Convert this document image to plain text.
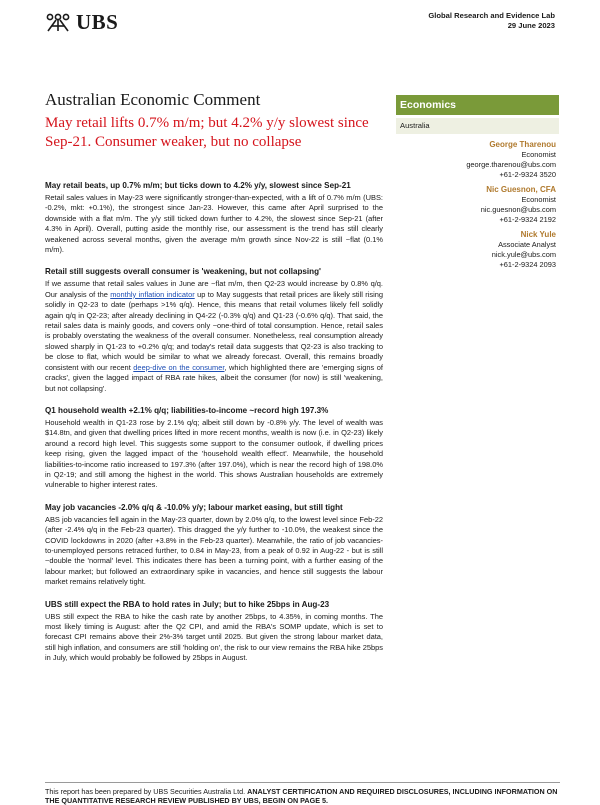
UBS	Global Research and Evidence Lab
29 June 2023
Australian Economic Comment
May retail lifts 0.7% m/m; but 4.2% y/y slowest since Sep-21. Consumer weaker, but no collapse
Economics
Australia
George Tharenou
Economist
george.tharenou@ubs.com
+61-2-9324 3520
Nic Guesnon, CFA
Economist
nic.guesnon@ubs.com
+61-2-9324 2192
Nick Yule
Associate Analyst
nick.yule@ubs.com
+61-2-9324 2093
May retail beats, up 0.7% m/m; but ticks down to 4.2% y/y, slowest since Sep-21

Retail sales values in May-23 were significantly stronger-than-expected, with a lift of 0.7% m/m (UBS: -0.2%, mkt: +0.1%), the strongest since Jan-23. However, this came after April surprised to the downside with a flat m/m. The y/y still ticked down further to 4.2%, the slowest since Sep-21 (after 4.3% in April). Overall, putting aside the monthly rise, our assessment is the trend has still clearly weakened across several months, given the average m/m growth since Nov-22 is still ~flat (0.1% m/m).

Retail still suggests overall consumer is 'weakening, but not collapsing'

If we assume that retail sales values in June are ~flat m/m, then Q2-23 would increase by 0.8% q/q. Our analysis of the monthly inflation indicator up to May suggests that retail prices are likely still rising solidly in Q2-23 to date (perhaps >1% q/q). Hence, this means that retail volumes likely fell solidly again q/q in Q2-23; after already declining in Q4-22 (-0.3% q/q) and Q1-23 (-0.6% q/q). That said, the retail sales data is mainly goods, and covers only ~one-third of total consumption. Hence, retail sales is probably overstating the weakness of the overall consumer. Nonetheless, real consumption already slowed sharply in Q1-23 to +0.2% q/q; and today's retail data suggests that Q2-23 is also tracking to be close to flat, which would be similar to what we already forecast. Overall, this remains broadly consistent with our recent deep-dive on the consumer, which highlighted there are 'emerging signs of cracks', given the lagged impact of RBA rate hikes, albeit the consumer (for now) is still 'weakening, but not collapsing'.

Q1 household wealth +2.1% q/q; liabilities-to-income ~record high 197.3%

Household wealth in Q1-23 rose by 2.1% q/q; albeit still down by -0.8% y/y. The level of wealth was $14.8tn, and given that dwelling prices lifted in more recent months, wealth is now (i.e. in Q2-23) likely around a record high level. This suggests some support to the consumer outlook, if dwelling prices keep rising, given the lagged impact of the 'household wealth effect'. Meanwhile, the household liabilities-to-income ratio increased to 197.3% (after 197.0%), which is near the record high of 198.0% in Q2-19; and still among the highest in the world. This shows Australian households are extremely vulnerable to higher interest rates.

May job vacancies -2.0% q/q & -10.0% y/y; labour market easing, but still tight

ABS job vacancies fell again in the May-23 quarter, down by 2.0% q/q, to the lowest level since Feb-22 (after -2.4% q/q in the Feb-23 quarter). This dragged the y/y further to -10.0%, the weakest since the COVID lockdowns in 2020 (after +3.8% in the Feb-23 quarter). Meanwhile, the ratio of job vacancies-to-unemployed persons retraced further, to 0.84 in May-23, from a peak of 0.92 in Aug-22 - but is still ~double the 'normal' level. This indicates there has been a turning point, with a further easing of the labour market; but followed an extraordinary spike in vacancies, and hence still suggests the labour market remains relatively tight.

UBS still expect the RBA to hold rates in July; but to hike 25bps in Aug-23

UBS still expect the RBA to hike the cash rate by another 25bps, to 4.35%, in coming months. The most likely timing is August: after the Q2 CPI, and amid the RBA's SOMP update, which is set to forecast CPI remains above their 2%-3% target until 2025. But given the strong labour market data, still high inflation, and consumers are still 'holding on', the risk to our view remains the RBA hike 25bps in July, which would probably be followed by 25bps in August.

This report has been prepared by UBS Securities Australia Ltd. ANALYST CERTIFICATION AND REQUIRED DISCLOSURES, INCLUDING INFORMATION ON THE QUANTITATIVE RESEARCH REVIEW PUBLISHED BY UBS, BEGIN ON PAGE 5.
